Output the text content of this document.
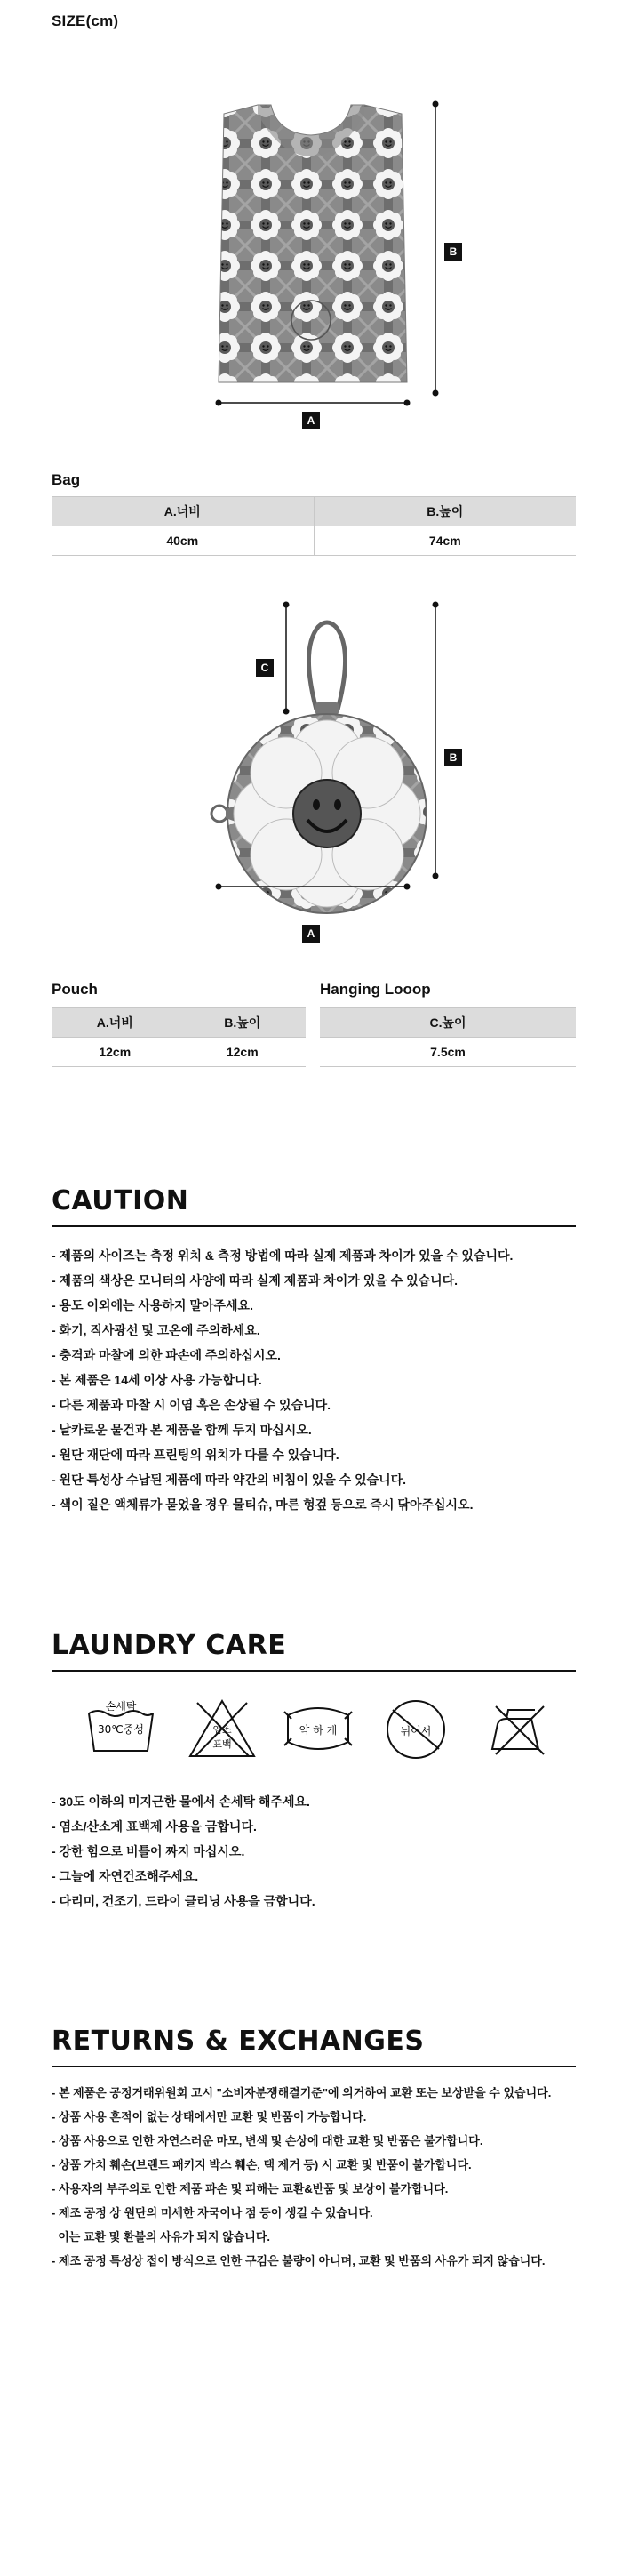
SIZE(cm)
A
B
Bag
A.너비	B.높이
40cm	74cm
C
B
A
Pouch
A.너비	B.높이
12cm	12cm
Hanging Looop
C.높이
7.5cm
CAUTION
- 제품의 사이즈는 측정 위치 & 측정 방법에 따라 실제 제품과 차이가 있을 수 있습니다.
- 제품의 색상은 모니터의 사양에 따라 실제 제품과 차이가 있을 수 있습니다.
- 용도 이외에는 사용하지 말아주세요.
- 화기, 직사광선 및 고온에 주의하세요.
- 충격과 마찰에 의한 파손에 주의하십시오.
- 본 제품은 14세 이상 사용 가능합니다.
- 다른 제품과 마찰 시 이염 혹은 손상될 수 있습니다.
- 날카로운 물건과 본 제품을 함께 두지 마십시오.
- 원단 재단에 따라 프린팅의 위치가 다를 수 있습니다.
- 원단 특성상 수납된 제품에 따라 약간의 비침이 있을 수 있습니다.
- 색이 짙은 액체류가 묻었을 경우 물티슈, 마른 헝겊 등으로 즉시 닦아주십시오.
LAUNDRY CARE
손세탁
30℃중성	염소
표백
약 하 게	뉘어서
- 30도 이하의 미지근한 물에서 손세탁 해주세요.
- 염소/산소계 표백제 사용을 금합니다.
- 강한 힘으로 비틀어 짜지 마십시오.
- 그늘에 자연건조해주세요.
- 다리미, 건조기, 드라이 클리닝 사용을 금합니다.
RETURNS & EXCHANGES
- 본 제품은 공정거래위원회 고시 "소비자분쟁해결기준"에 의거하여 교환 또는 보상받을 수 있습니다.
- 상품 사용 흔적이 없는 상태에서만 교환 및 반품이 가능합니다.
- 상품 사용으로 인한 자연스러운 마모, 변색 및 손상에 대한 교환 및 반품은 불가합니다.
- 상품 가치 훼손(브랜드 패키지 박스 훼손, 택 제거 등) 시 교환 및 반품이 불가합니다.
- 사용자의 부주의로 인한 제품 파손 및 피해는 교환&반품 및 보상이 불가합니다.
- 제조 공정 상 원단의 미세한 자국이나 점 등이 생길 수 있습니다.
이는 교환 및 환불의 사유가 되지 않습니다.
- 제조 공정 특성상 접이 방식으로 인한 구김은 불량이 아니며, 교환 및 반품의 사유가 되지 않습니다.
